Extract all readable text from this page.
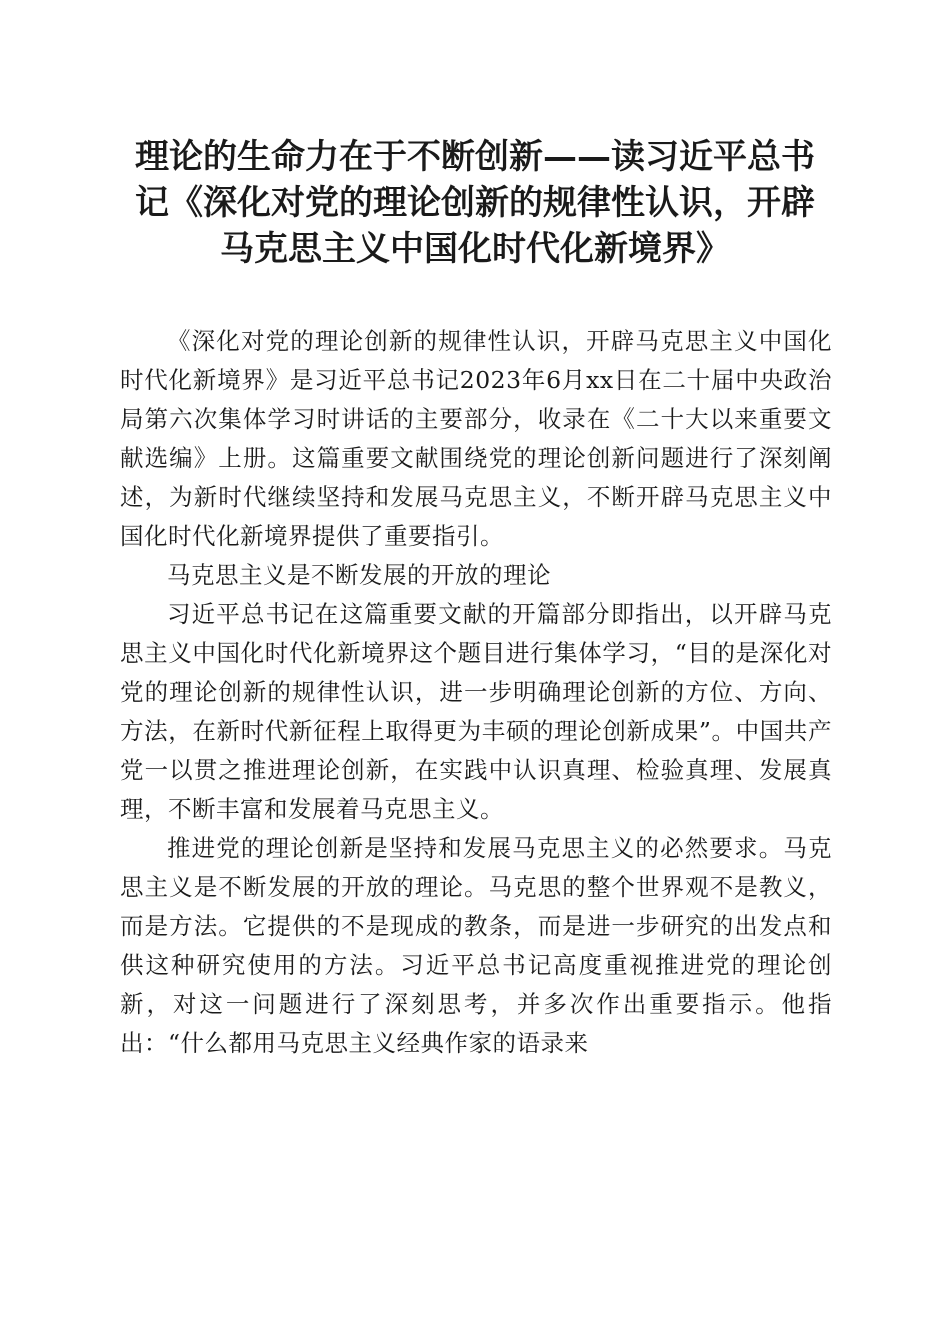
理论的生命力在于不断创新——读习近平总书
记《深化对党的理论创新的规律性认识，开辟
马克思主义中国化时代化新境界》

《深化对党的理论创新的规律性认识，开辟马克思主义中国化时代化新境界》是习近平总书记2023年6月xx日在二十届中央政治局第六次集体学习时讲话的主要部分，收录在《二十大以来重要文献选编》上册。这篇重要文献围绕党的理论创新问题进行了深刻阐述，为新时代继续坚持和发展马克思主义，不断开辟马克思主义中国化时代化新境界提供了重要指引。

马克思主义是不断发展的开放的理论

习近平总书记在这篇重要文献的开篇部分即指出，以开辟马克思主义中国化时代化新境界这个题目进行集体学习，“目的是深化对党的理论创新的规律性认识，进一步明确理论创新的方位、方向、方法，在新时代新征程上取得更为丰硕的理论创新成果”。中国共产党一以贯之推进理论创新，在实践中认识真理、检验真理、发展真理，不断丰富和发展着马克思主义。

推进党的理论创新是坚持和发展马克思主义的必然要求。马克思主义是不断发展的开放的理论。马克思的整个世界观不是教义，而是方法。它提供的不是现成的教条，而是进一步研究的出发点和供这种研究使用的方法。习近平总书记高度重视推进党的理论创新，对这一问题进行了深刻思考，并多次作出重要指示。他指出：“什么都用马克思主义经典作家的语录来
